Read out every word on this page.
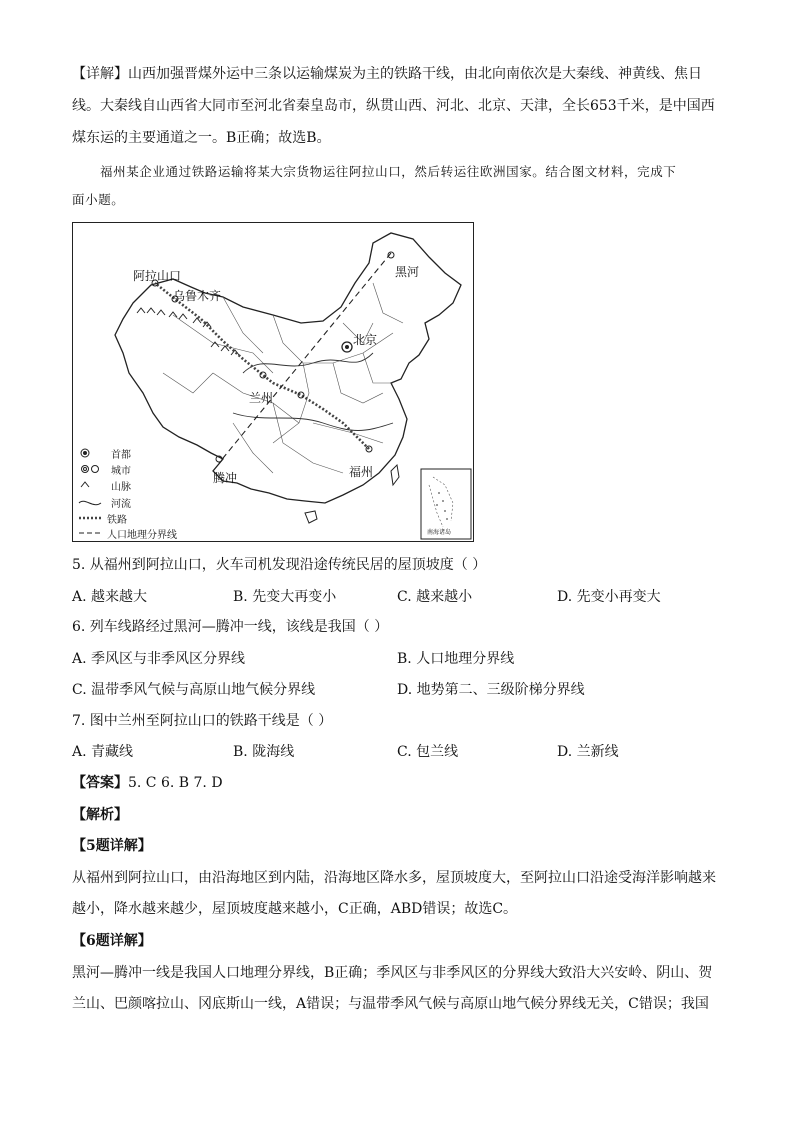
【详解】山西加强晋煤外运中三条以运输煤炭为主的铁路干线，由北向南依次是大秦线、神黄线、焦日
线。大秦线自山西省大同市至河北省秦皇岛市，纵贯山西、河北、北京、天津，全长653千米，是中国西
煤东运的主要通道之一。B正确；故选B。
福州某企业通过铁路运输将某大宗货物运往阿拉山口，然后转运往欧洲国家。结合图文材料，完成下
面小题。
阿拉山口
乌鲁木齐
黑河
北京
兰州
腾冲	福州
南海诸岛
首都
城市
山脉
河流
铁路
人口地理分界线
5. 从福州到阿拉山口，火车司机发现沿途传统民居的屋顶坡度（ ）
A. 越来越大	B. 先变大再变小	C. 越来越小	D. 先变小再变大
6. 列车线路经过黑河—腾冲一线，该线是我国（ ）
A. 季风区与非季风区分界线	B. 人口地理分界线
C. 温带季风气候与高原山地气候分界线	D. 地势第二、三级阶梯分界线
7. 图中兰州至阿拉山口的铁路干线是（ ）
A. 青藏线	B. 陇海线	C. 包兰线	D. 兰新线
【答案】5. C 6. B 7. D
【解析】
【5题详解】
从福州到阿拉山口，由沿海地区到内陆，沿海地区降水多，屋顶坡度大，至阿拉山口沿途受海洋影响越来
越小，降水越来越少，屋顶坡度越来越小，C正确，ABD错误；故选C。
【6题详解】
黑河—腾冲一线是我国人口地理分界线，B正确；季风区与非季风区的分界线大致沿大兴安岭、阴山、贺
兰山、巴颜喀拉山、冈底斯山一线，A错误；与温带季风气候与高原山地气候分界线无关，C错误；我国
